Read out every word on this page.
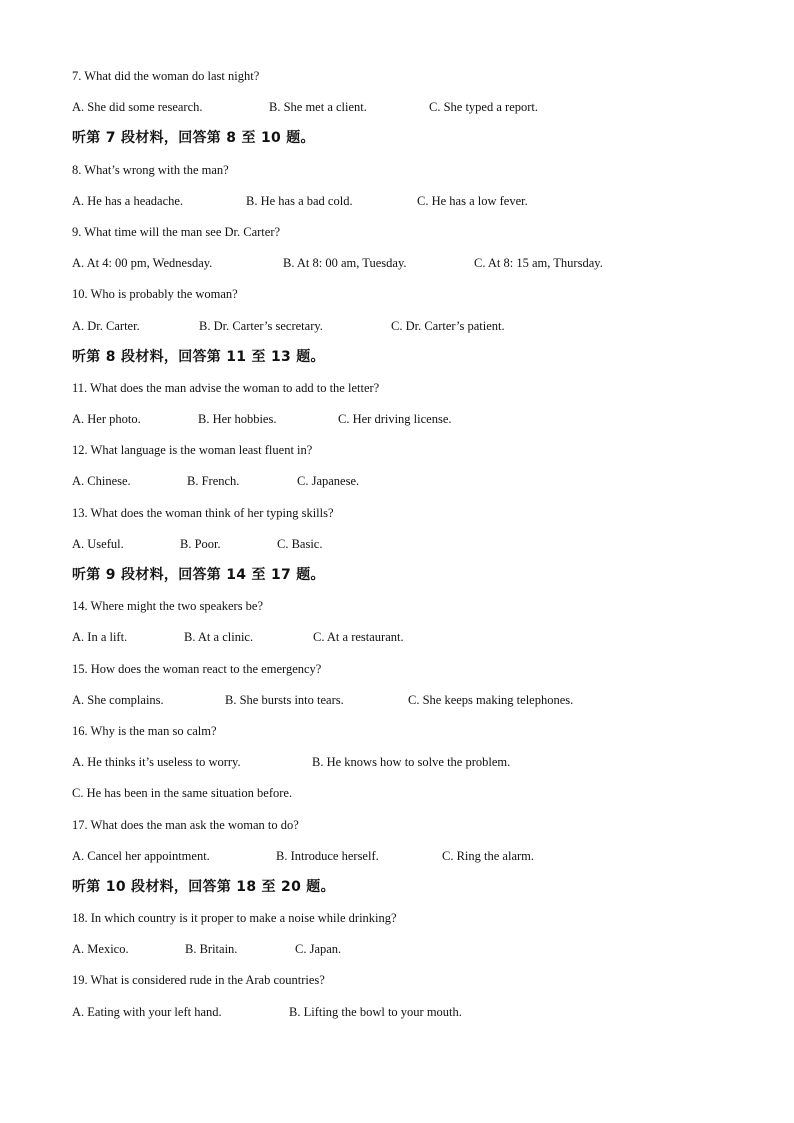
7. What did the woman do last night?
A. She did some research.	B. She met a client.	C. She typed a report.
听第 7 段材料，回答第 8 至 10 题。
8. What’s wrong with the man?
A. He has a headache.	B. He has a bad cold.	C. He has a low fever.
9. What time will the man see Dr. Carter?
A. At 4: 00 pm, Wednesday.	B. At 8: 00 am, Tuesday.	C. At 8: 15 am, Thursday.
10. Who is probably the woman?
A. Dr. Carter.	B. Dr. Carter’s secretary.	C. Dr. Carter’s patient.
听第 8 段材料，回答第 11 至 13 题。
11. What does the man advise the woman to add to the letter?
A. Her photo.	B. Her hobbies.	C. Her driving license.
12. What language is the woman least fluent in?
A. Chinese.	B. French.	C. Japanese.
13. What does the woman think of her typing skills?
A. Useful.	B. Poor.	C. Basic.
听第 9 段材料，回答第 14 至 17 题。
14. Where might the two speakers be?
A. In a lift.	B. At a clinic.	C. At a restaurant.
15. How does the woman react to the emergency?
A. She complains.	B. She bursts into tears.	C. She keeps making telephones.
16. Why is the man so calm?
A. He thinks it’s useless to worry.	B. He knows how to solve the problem.
C. He has been in the same situation before.
17. What does the man ask the woman to do?
A. Cancel her appointment.	B. Introduce herself.	C. Ring the alarm.
听第 10 段材料，回答第 18 至 20 题。
18. In which country is it proper to make a noise while drinking?
A. Mexico.	B. Britain.	C. Japan.
19. What is considered rude in the Arab countries?
A. Eating with your left hand.	B. Lifting the bowl to your mouth.
